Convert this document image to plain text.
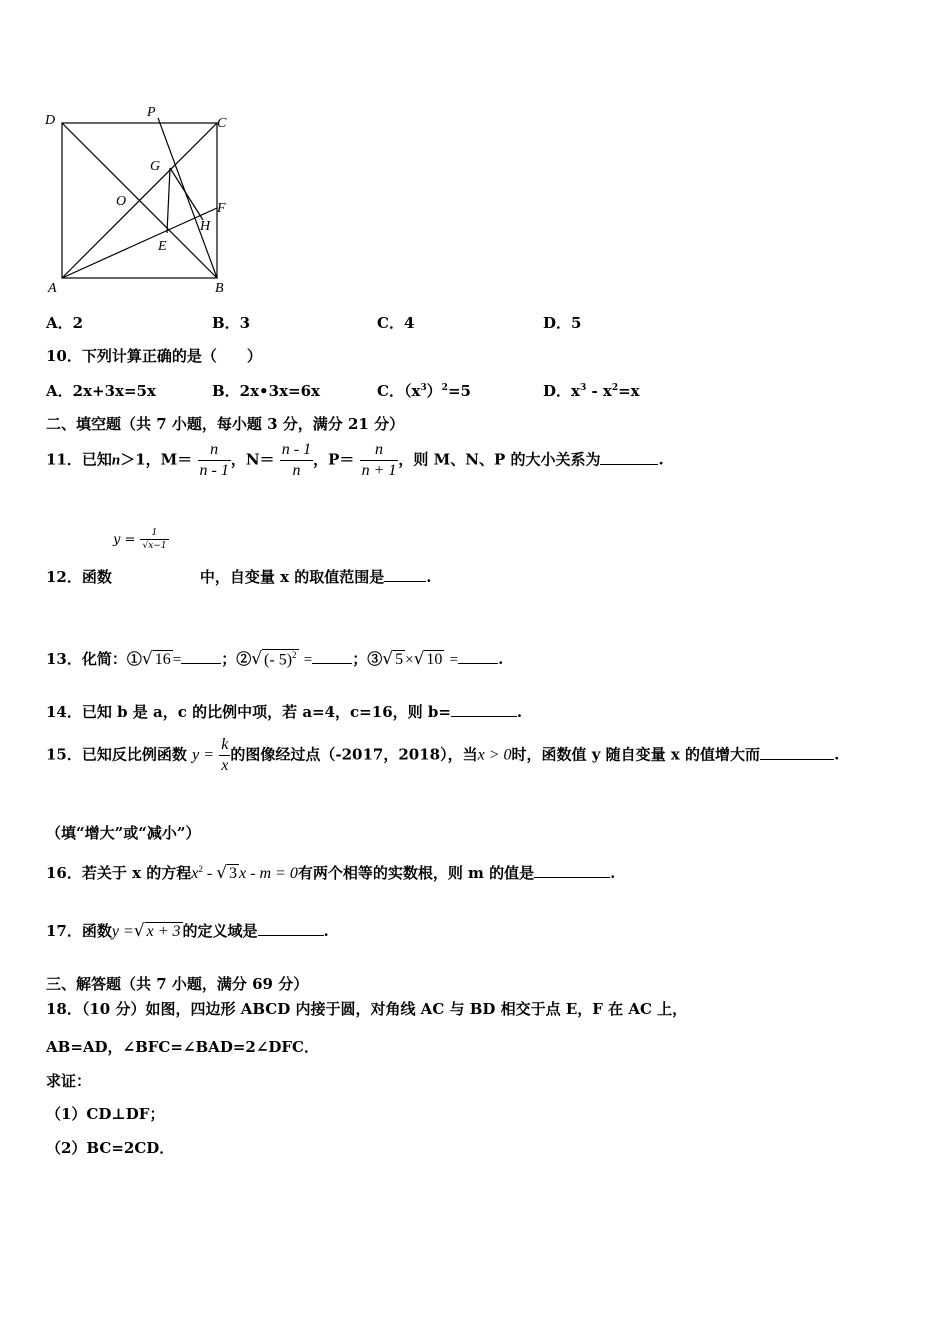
D
P
C
G
O	F
H
E
A	B
A．2	B．3	C．4	D．5
10．下列计算正确的是（　　）
A．2x+3x=5x	B．2x•3x=6x	C．$(x^3)^2=5$	D．$x^3 - x^2=x$
二、填空题（共 7 小题，每小题 3 分，满分 21 分）
11．已知n＞1，$M= \frac{n}{n - 1}$ ，$N= \frac{n - 1}{n}$ ，$P= \frac{n}{n + 1}$ ，则 M、N、P 的大小关系为	.
𝑦 =	1
√𝑥−1
12．函数	中，自变量 x 的取值范围是	.
13．化简：①√ 16 =	；②√ (- 5)$^2$ =	；③√ 5 ×√ 10 =	.
14．已知 b 是 a，c 的比例中项，若 a=4，c=16，则 b=	.
15．已知反比例函数 $y = \frac{k}{x}$ 的图像经过点（-2017，2018），当x > 0时，函数值 y 随自变量 x 的值增大而	.
（填“增大”或“减小”）
16．若关于 x 的方程$x^2$ - √ 3 x - m = 0有两个相等的实数根，则 m 的值是	.
17．函数y =√ x + 3 的定义域是	.
三、解答题（共 7 小题，满分 69 分）
18．（10 分）如图，四边形 ABCD 内接于圆，对角线 AC 与 BD 相交于点 E，F 在 AC 上，
AB=AD，∠BFC=∠BAD=2∠DFC．
求证：
（1）CD⊥DF；
（2）BC=2CD．
